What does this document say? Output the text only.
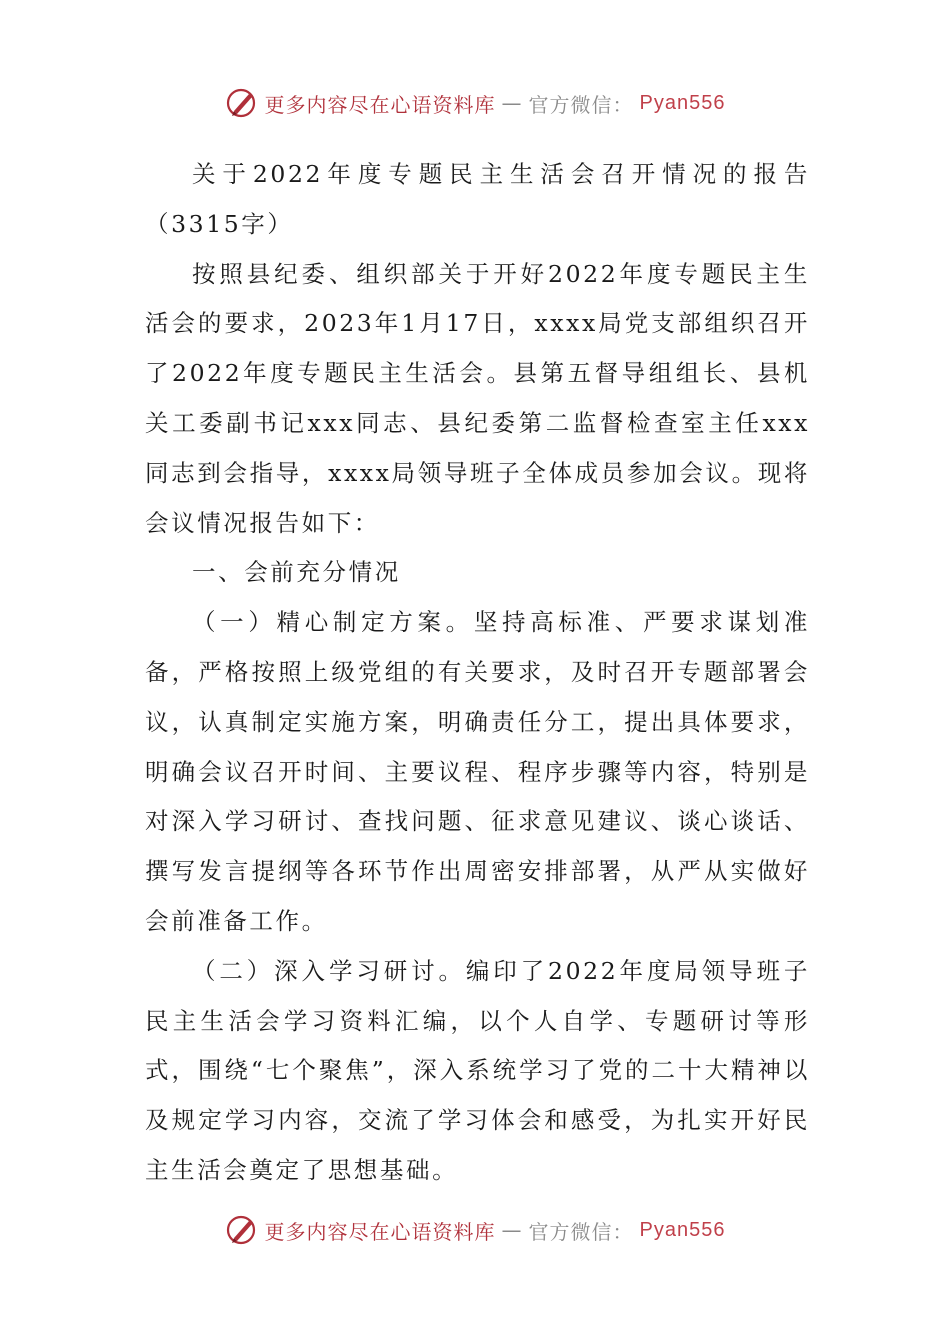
更多内容尽在心语资料库 — 官方微信： Pyan556

关于2022年度专题民主生活会召开情况的报告（3315字）

按照县纪委、组织部关于开好2022年度专题民主生活会的要求，2023年1月17日，xxxx局党支部组织召开了2022年度专题民主生活会。县第五督导组组长、县机关工委副书记xxx同志、县纪委第二监督检查室主任xxx同志到会指导，xxxx局领导班子全体成员参加会议。现将会议情况报告如下：

一、会前充分情况

（一）精心制定方案。坚持高标准、严要求谋划准备，严格按照上级党组的有关要求，及时召开专题部署会议，认真制定实施方案，明确责任分工，提出具体要求，明确会议召开时间、主要议程、程序步骤等内容，特别是对深入学习研讨、查找问题、征求意见建议、谈心谈话、撰写发言提纲等各环节作出周密安排部署，从严从实做好会前准备工作。

（二）深入学习研讨。编印了2022年度局领导班子民主生活会学习资料汇编，以个人自学、专题研讨等形式，围绕“七个聚焦”，深入系统学习了党的二十大精神以及规定学习内容，交流了学习体会和感受，为扎实开好民主生活会奠定了思想基础。

更多内容尽在心语资料库 — 官方微信： Pyan556
